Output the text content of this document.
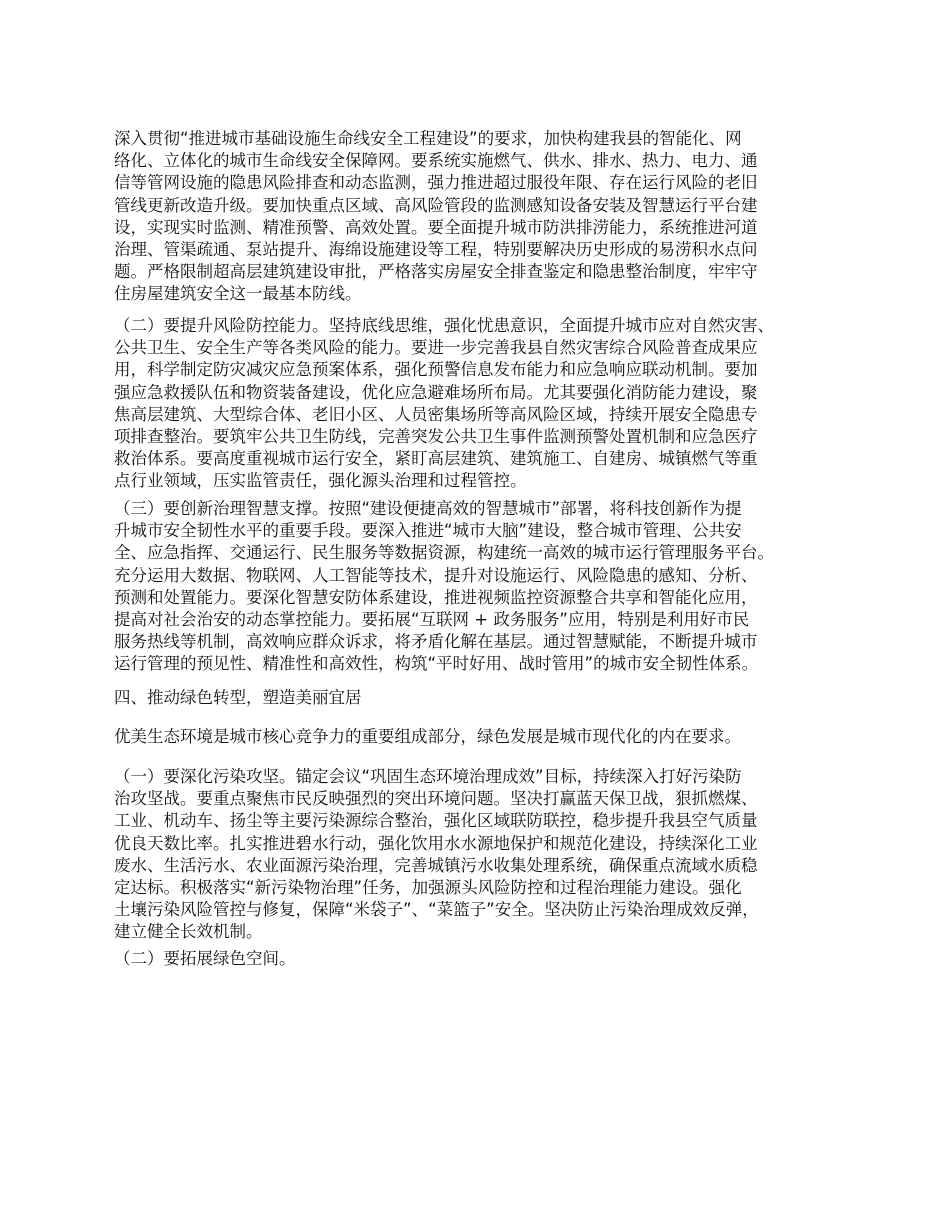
深入贯彻“推进城市基础设施生命线安全工程建设”的要求，加快构建我县的智能化、网
络化、立体化的城市生命线安全保障网。要系统实施燃气、供水、排水、热力、电力、通
信等管网设施的隐患风险排查和动态监测，强力推进超过服役年限、存在运行风险的老旧
管线更新改造升级。要加快重点区域、高风险管段的监测感知设备安装及智慧运行平台建
设，实现实时监测、精准预警、高效处置。要全面提升城市防洪排涝能力，系统推进河道
治理、管渠疏通、泵站提升、海绵设施建设等工程，特别要解决历史形成的易涝积水点问
题。严格限制超高层建筑建设审批，严格落实房屋安全排查鉴定和隐患整治制度，牢牢守
住房屋建筑安全这一最基本防线。
（二）要提升风险防控能力。坚持底线思维，强化忧患意识，全面提升城市应对自然灾害、
公共卫生、安全生产等各类风险的能力。要进一步完善我县自然灾害综合风险普查成果应
用，科学制定防灾减灾应急预案体系，强化预警信息发布能力和应急响应联动机制。要加
强应急救援队伍和物资装备建设，优化应急避难场所布局。尤其要强化消防能力建设，聚
焦高层建筑、大型综合体、老旧小区、人员密集场所等高风险区域，持续开展安全隐患专
项排查整治。要筑牢公共卫生防线，完善突发公共卫生事件监测预警处置机制和应急医疗
救治体系。要高度重视城市运行安全，紧盯高层建筑、建筑施工、自建房、城镇燃气等重
点行业领域，压实监管责任，强化源头治理和过程管控。
（三）要创新治理智慧支撑。按照“建设便捷高效的智慧城市”部署，将科技创新作为提
升城市安全韧性水平的重要手段。要深入推进“城市大脑”建设，整合城市管理、公共安
全、应急指挥、交通运行、民生服务等数据资源，构建统一高效的城市运行管理服务平台。
充分运用大数据、物联网、人工智能等技术，提升对设施运行、风险隐患的感知、分析、
预测和处置能力。要深化智慧安防体系建设，推进视频监控资源整合共享和智能化应用，
提高对社会治安的动态掌控能力。要拓展“互联网 + 政务服务”应用，特别是利用好市民
服务热线等机制，高效响应群众诉求，将矛盾化解在基层。通过智慧赋能，不断提升城市
运行管理的预见性、精准性和高效性，构筑“平时好用、战时管用”的城市安全韧性体系。
四、推动绿色转型，塑造美丽宜居
优美生态环境是城市核心竞争力的重要组成部分，绿色发展是城市现代化的内在要求。
（一）要深化污染攻坚。锚定会议“巩固生态环境治理成效”目标，持续深入打好污染防
治攻坚战。要重点聚焦市民反映强烈的突出环境问题。坚决打赢蓝天保卫战，狠抓燃煤、
工业、机动车、扬尘等主要污染源综合整治，强化区域联防联控，稳步提升我县空气质量
优良天数比率。扎实推进碧水行动，强化饮用水水源地保护和规范化建设，持续深化工业
废水、生活污水、农业面源污染治理，完善城镇污水收集处理系统，确保重点流域水质稳
定达标。积极落实“新污染物治理”任务，加强源头风险防控和过程治理能力建设。强化
土壤污染风险管控与修复，保障“米袋子”、“菜篮子”安全。坚决防止污染治理成效反弹，
建立健全长效机制。
（二）要拓展绿色空间。
